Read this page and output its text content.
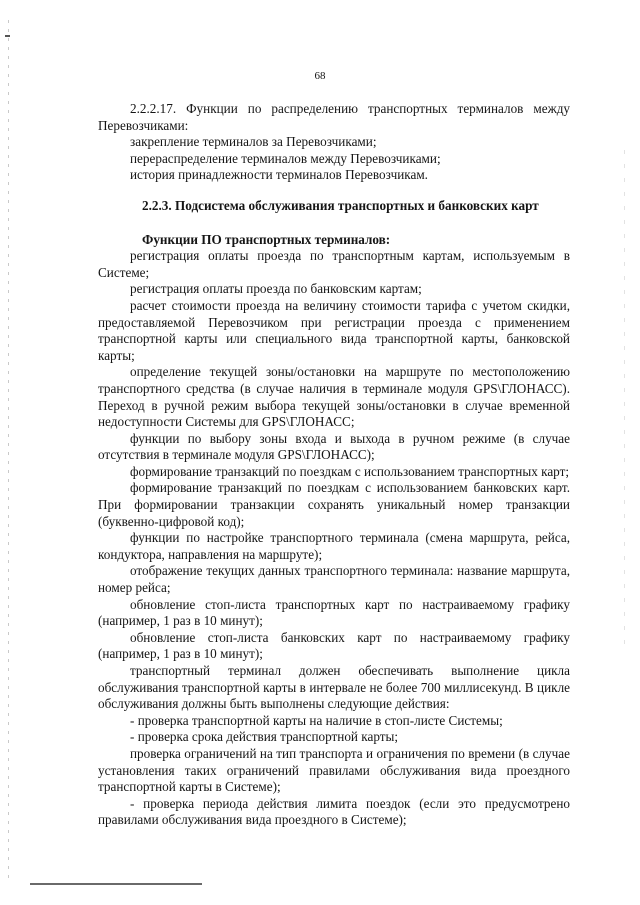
68

2.2.2.17. Функции по распределению транспортных терминалов между Перевозчиками:

закрепление терминалов за Перевозчиками;

перераспределение терминалов между Перевозчиками;

история принадлежности терминалов Перевозчикам.

2.2.3. Подсистема обслуживания транспортных и банковских карт

Функции ПО транспортных терминалов:

регистрация оплаты проезда по транспортным картам, используемым в Системе;

регистрация оплаты проезда по банковским картам;

расчет стоимости проезда на величину стоимости тарифа с учетом скидки, предоставляемой Перевозчиком при регистрации проезда с применением транспортной карты или специального вида транспортной карты, банковской карты;

определение текущей зоны/остановки на маршруте по местоположению транспортного средства (в случае наличия в терминале модуля GPS\ГЛОНАСС). Переход в ручной режим выбора текущей зоны/остановки в случае временной недоступности Системы для GPS\ГЛОНАСС;

функции по выбору зоны входа и выхода в ручном режиме (в случае отсутствия в терминале модуля GPS\ГЛОНАСС);

формирование транзакций по поездкам с использованием транспортных карт;

формирование транзакций по поездкам с использованием банковских карт. При формировании транзакции сохранять уникальный номер транзакции (буквенно-цифровой код);

функции по настройке транспортного терминала (смена маршрута, рейса, кондуктора, направления на маршруте);

отображение текущих данных транспортного терминала: название маршрута, номер рейса;

обновление стоп-листа транспортных карт по настраиваемому графику (например, 1 раз в 10 минут);

обновление стоп-листа банковских карт по настраиваемому графику (например, 1 раз в 10 минут);

транспортный терминал должен обеспечивать выполнение цикла обслуживания транспортной карты в интервале не более 700 миллисекунд. В цикле обслуживания должны быть выполнены следующие действия:

- проверка транспортной карты на наличие в стоп-листе Системы;

- проверка срока действия транспортной карты;

проверка ограничений на тип транспорта и ограничения по времени (в случае установления таких ограничений правилами обслуживания вида проездного транспортной карты в Системе);

- проверка периода действия лимита поездок (если это предусмотрено правилами обслуживания вида проездного в Системе);
